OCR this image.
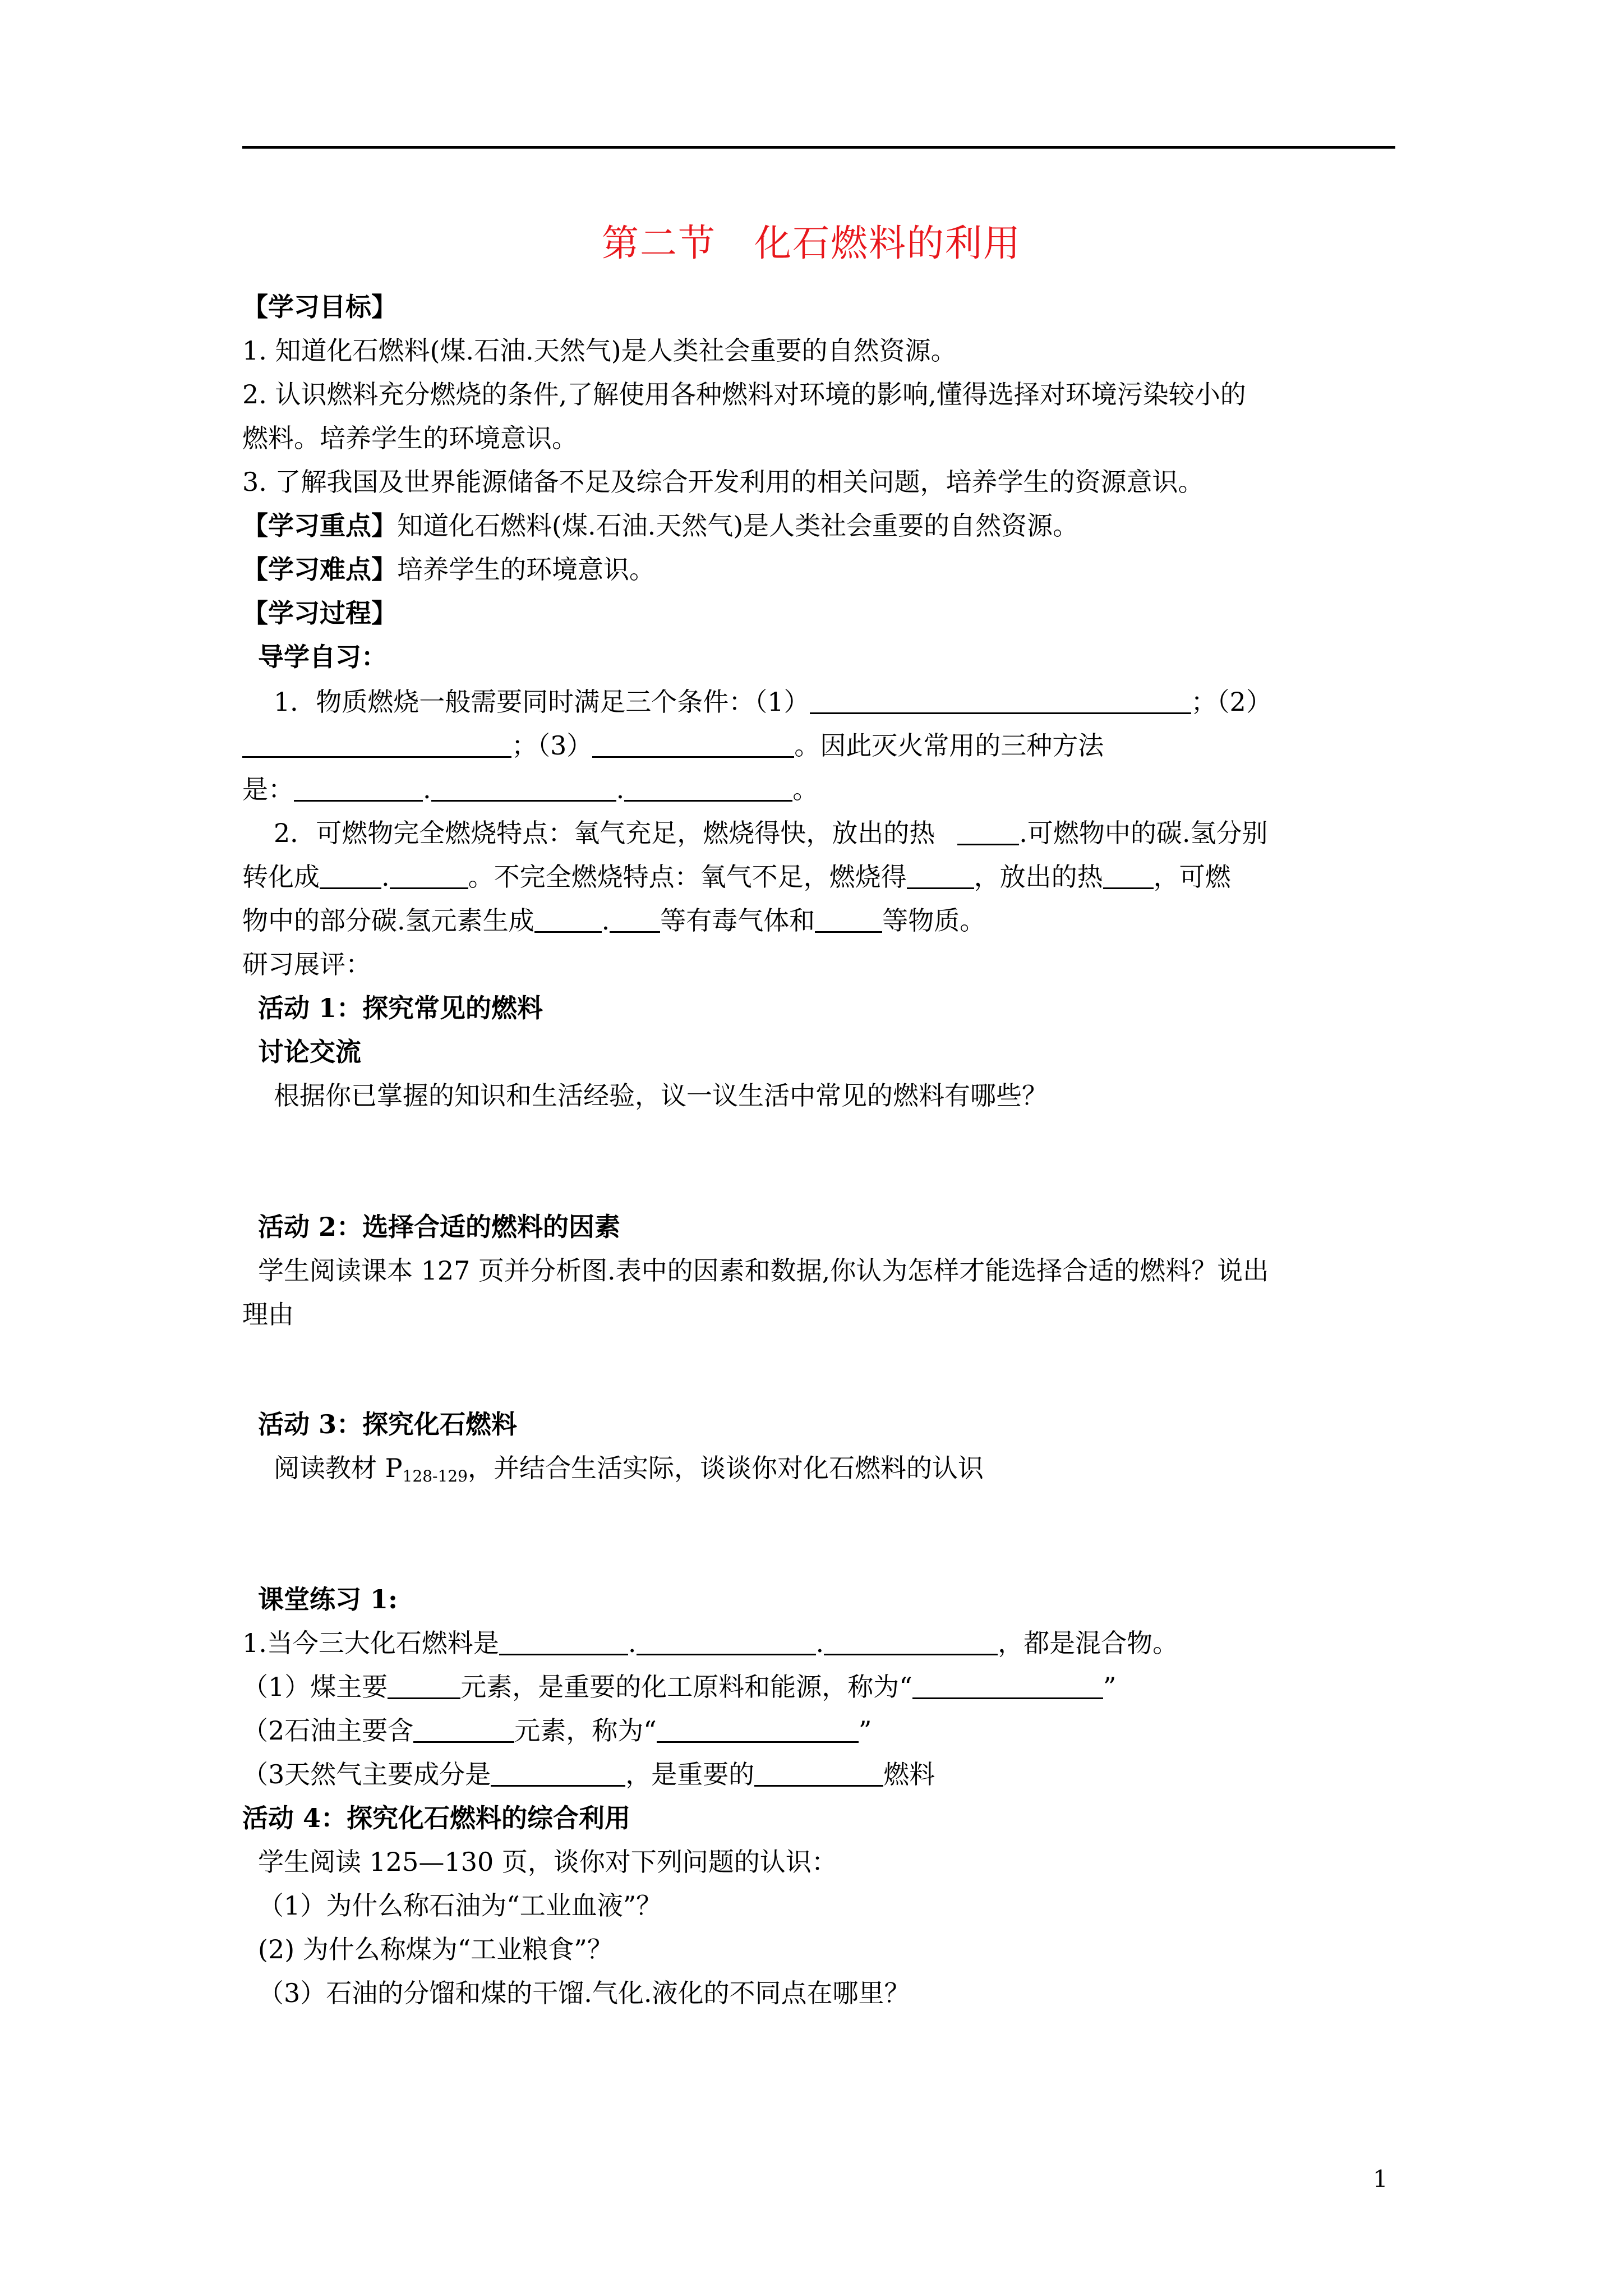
第二节　化石燃料的利用
【学习目标】
1. 知道化石燃料(煤.石油.天然气)是人类社会重要的自然资源。
2. 认识燃料充分燃烧的条件,了解使用各种燃料对环境的影响,懂得选择对环境污染较小的
燃料。培养学生的环境意识。
3. 了解我国及世界能源储备不足及综合开发利用的相关问题，培养学生的资源意识。
【学习重点】知道化石燃料(煤.石油.天然气)是人类社会重要的自然资源。
【学习难点】培养学生的环境意识。
【学习过程】
导学自习：
1．物质燃烧一般需要同时满足三个条件：（1）	；（2）
；（3）	。因此灭火常用的三种方法
是：	.	.	。
2．可燃物完全燃烧特点：氧气充足，燃烧得快，放出的热	.可燃物中的碳.氢分别
转化成 .	。不完全燃烧特点：氧气不足，燃烧得	，放出的热 ，可燃
物中的部分碳.氢元素生成	. 等有毒气体和	等物质。
研习展评：
活动 1：探究常见的燃料
讨论交流
根据你已掌握的知识和生活经验，议一议生活中常见的燃料有哪些？
活动 2：选择合适的燃料的因素
学生阅读课本 127 页并分析图.表中的因素和数据,你认为怎样才能选择合适的燃料？说出
理由
活动 3：探究化石燃料
阅读教材 $P_{128-129}$，并结合生活实际，谈谈你对化石燃料的认识
课堂练习 1:
1.当今三大化石燃料是	.	.	，都是混合物。
（1）煤主要	元素，是重要的化工原料和能源，称为“	”
（2石油主要含	元素，称为“	”
（3天然气主要成分是	，是重要的	燃料
活动 4：探究化石燃料的综合利用
学生阅读 125—130 页，谈你对下列问题的认识：
（1）为什么称石油为“工业血液”？
(2) 为什么称煤为“工业粮食”？
（3）石油的分馏和煤的干馏.气化.液化的不同点在哪里？
1
